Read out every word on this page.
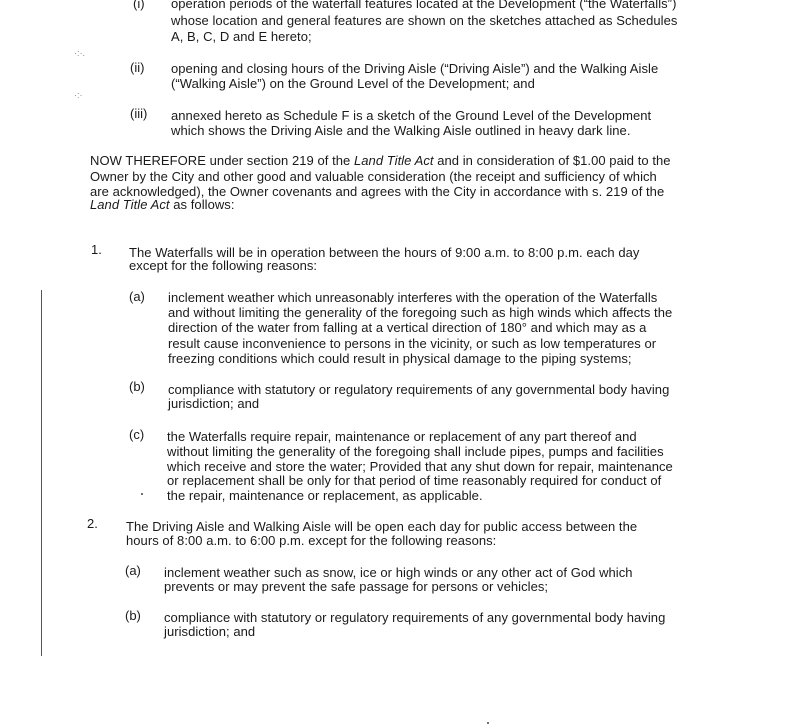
·:·.
·:·
(i) operation periods of the waterfall features located at the Development (“the Waterfalls”)
whose location and general features are shown on the sketches attached as Schedules
A, B, C, D and E hereto;
(ii) opening and closing hours of the Driving Aisle (“Driving Aisle”) and the Walking Aisle
(“Walking Aisle”) on the Ground Level of the Development; and
(iii) annexed hereto as Schedule F is a sketch of the Ground Level of the Development
which shows the Driving Aisle and the Walking Aisle outlined in heavy dark line.
NOW THEREFORE under section 219 of the Land Title Act and in consideration of $1.00 paid to the
Owner by the City and other good and valuable consideration (the receipt and sufficiency of which
are acknowledged), the Owner covenants and agrees with the City in accordance with s. 219 of the
Land Title Act as follows:
1. The Waterfalls will be in operation between the hours of 9:00 a.m. to 8:00 p.m. each day
except for the following reasons:
(a) inclement weather which unreasonably interferes with the operation of the Waterfalls
and without limiting the generality of the foregoing such as high winds which affects the
direction of the water from falling at a vertical direction of 180° and which may as a
result cause inconvenience to persons in the vicinity, or such as low temperatures or
freezing conditions which could result in physical damage to the piping systems;
(b) compliance with statutory or regulatory requirements of any governmental body having
jurisdiction; and
(c) the Waterfalls require repair, maintenance or replacement of any part thereof and
without limiting the generality of the foregoing shall include pipes, pumps and facilities
which receive and store the water; Provided that any shut down for repair, maintenance
or replacement shall be only for that period of time reasonably required for conduct of
the repair, maintenance or replacement, as applicable.
2. The Driving Aisle and Walking Aisle will be open each day for public access between the
hours of 8:00 a.m. to 6:00 p.m. except for the following reasons:
(a) inclement weather such as snow, ice or high winds or any other act of God which
prevents or may prevent the safe passage for persons or vehicles;
(b) compliance with statutory or regulatory requirements of any governmental body having
jurisdiction; and
